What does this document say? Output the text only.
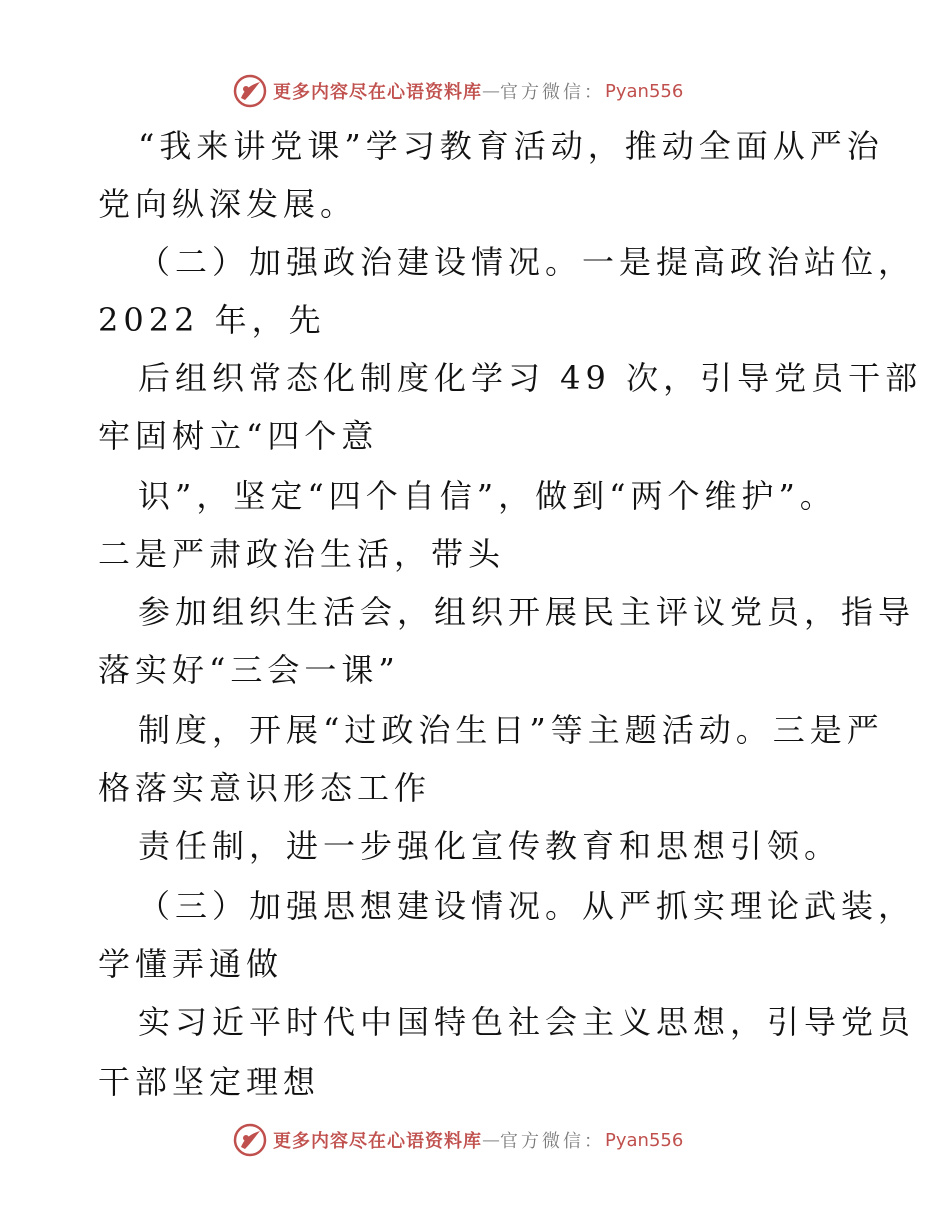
更多内容尽在心语资料库 — 官方微信： Pyan556
“我来讲党课”学习教育活动，推动全面从严治
党向纵深发展。
（二）加强政治建设情况。一是提高政治站位，
2022 年，先
后组织常态化制度化学习 49 次，引导党员干部
牢固树立“四个意
识”，坚定“四个自信”，做到“两个维护”。
二是严肃政治生活，带头
参加组织生活会，组织开展民主评议党员，指导
落实好“三会一课”
制度，开展“过政治生日”等主题活动。三是严
格落实意识形态工作
责任制，进一步强化宣传教育和思想引领。
（三）加强思想建设情况。从严抓实理论武装，
学懂弄通做
实习近平时代中国特色社会主义思想，引导党员
干部坚定理想
更多内容尽在心语资料库 — 官方微信： Pyan556
